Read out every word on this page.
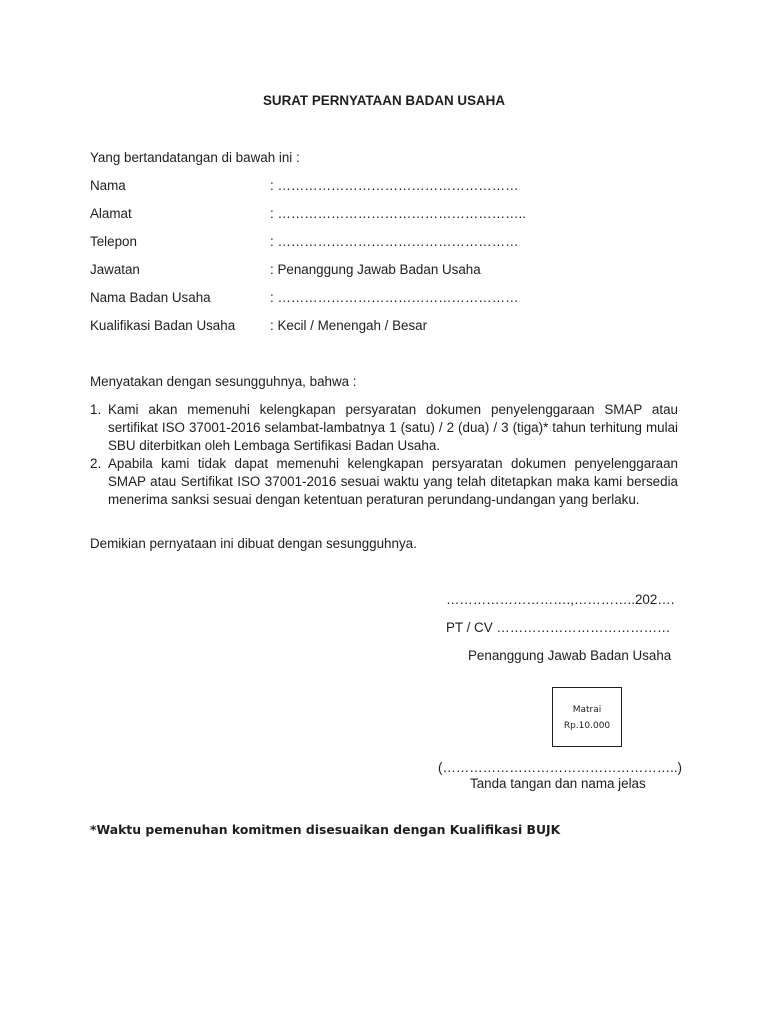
SURAT PERNYATAAN BADAN USAHA
Yang bertandatangan di bawah ini :
Nama	: ………………………………………………
Alamat	: ………………………………………………..
Telepon	: ………………………………………………
Jawatan	: Penanggung Jawab Badan Usaha
Nama Badan Usaha	: ………………………………………………
Kualifikasi Badan Usaha	: Kecil / Menengah / Besar
Menyatakan dengan sesungguhnya, bahwa :
1. Kami akan memenuhi kelengkapan persyaratan dokumen penyelenggaraan SMAP atau sertifikat ISO 37001-2016 selambat-lambatnya 1 (satu) / 2 (dua) / 3 (tiga)* tahun terhitung mulai SBU diterbitkan oleh Lembaga Sertifikasi Badan Usaha.
2. Apabila kami tidak dapat memenuhi kelengkapan persyaratan dokumen penyelenggaraan SMAP atau Sertifikat ISO 37001-2016 sesuai waktu yang telah ditetapkan maka kami bersedia menerima sanksi sesuai dengan ketentuan peraturan perundang-undangan yang berlaku.
Demikian pernyataan ini dibuat dengan sesungguhnya.
……………………….,…………..202….
PT / CV …………………………………
Penanggung Jawab Badan Usaha
Matrai
Rp.10.000
(……………………………………………..)
Tanda tangan dan nama jelas
*Waktu pemenuhan komitmen disesuaikan dengan Kualifikasi BUJK
